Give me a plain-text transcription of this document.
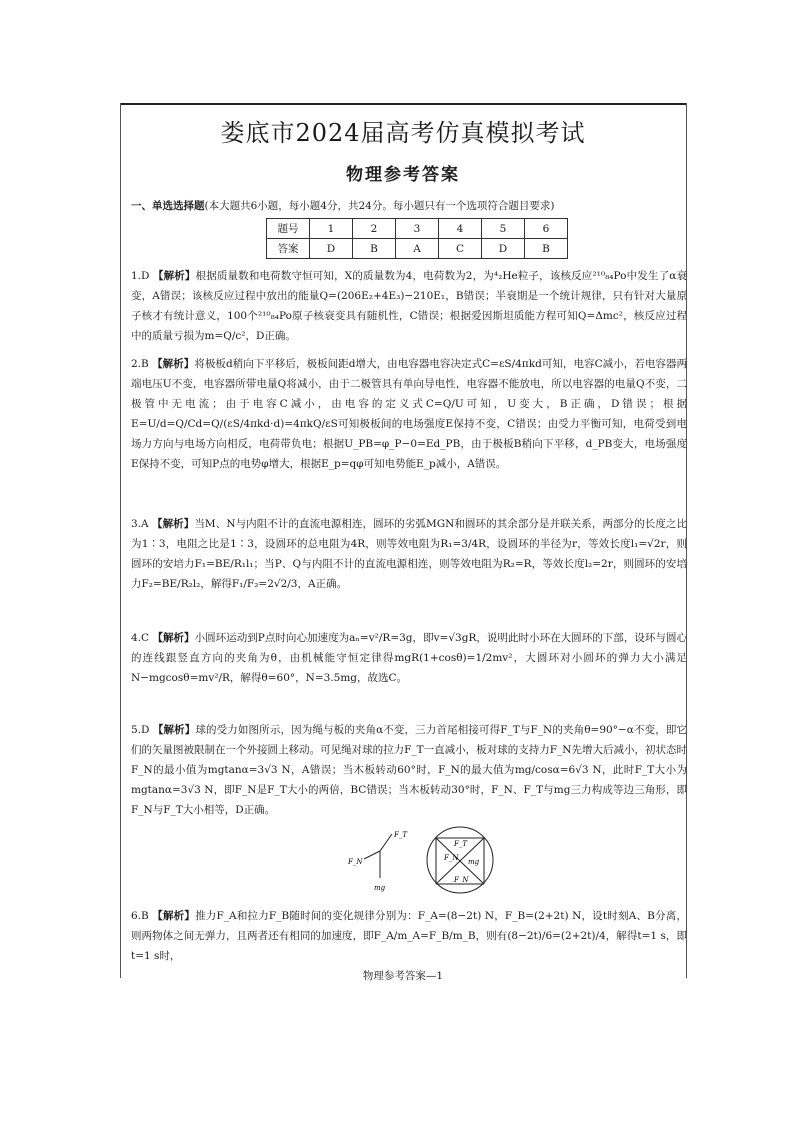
娄底市2024届高考仿真模拟考试
物理参考答案
一、单选选择题(本大题共6小题，每小题4分，共24分。每小题只有一个选项符合题目要求)
题号	1	2	3	4	5	6
答案	D	B	A	C	D	B
1.D 【解析】根据质量数和电荷数守恒可知，X的质量数为4，电荷数为2，为⁴₂He粒子，该核反应²¹⁰₈₄Po中发生了α衰变，A错误；该核反应过程中放出的能量Q=(206E₂+4E₃)−210E₁，B错误；半衰期是一个统计规律，只有针对大量原子核才有统计意义，100个²¹⁰₈₄Po原子核衰变具有随机性，C错误；根据爱因斯坦质能方程可知Q=Δmc²，核反应过程中的质量亏损为m=Q/c²，D正确。
2.B 【解析】将极板d稍向下平移后，极板间距d增大，由电容器电容决定式C=εS/4πkd可知，电容C减小，若电容器两端电压U不变，电容器所带电量Q将减小，由于二极管具有单向导电性，电容器不能放电，所以电容器的电量Q不变，二极管中无电流；由于电容C减小，由电容的定义式C=Q/U可知，U变大，B正确，D错误；根据E=U/d=Q/Cd=Q/(εS/4πkd·d)=4πkQ/εS可知极板间的电场强度E保持不变，C错误；由受力平衡可知，电荷受到电场力方向与电场方向相反，电荷带负电；根据U_PB=φ_P−0=Ed_PB，由于极板B稍向下平移，d_PB变大，电场强度E保持不变，可知P点的电势φ增大，根据E_p=qφ可知电势能E_p减小，A错误。
3.A 【解析】当M、N与内阻不计的直流电源相连，圆环的劣弧MGN和圆环的其余部分是并联关系，两部分的长度之比为1∶3，电阻之比是1∶3，设圆环的总电阻为4R，则等效电阻为R₁=3/4R，设圆环的半径为r，等效长度l₁=√2r，则圆环的安培力F₁=BE/R₁l₁；当P、Q与内阻不计的直流电源相连，则等效电阻为R₂=R，等效长度l₂=2r，则圆环的安培力F₂=BE/R₂l₂，解得F₁/F₂=2√2/3，A正确。
4.C 【解析】小圆环运动到P点时向心加速度为aₙ=v²/R=3g，即v=√3gR，说明此时小环在大圆环的下部，设环与圆心的连线跟竖直方向的夹角为θ，由机械能守恒定律得mgR(1+cosθ)=1/2mv²，大圆环对小圆环的弹力大小满足N−mgcosθ=mv²/R，解得θ=60°，N=3.5mg，故选C。
5.D 【解析】球的受力如图所示，因为绳与板的夹角α不变，三力首尾相接可得F_T与F_N的夹角θ=90°−α不变，即它们的矢量图被限制在一个外接圆上移动。可见绳对球的拉力F_T一直减小，板对球的支持力F_N先增大后减小，初状态时F_N的最小值为mgtanα=3√3 N，A错误；当木板转动60°时，F_N的最大值为mg/cosα=6√3 N，此时F_T大小为mgtanα=3√3 N，即F_N是F_T大小的两倍，BC错误；当木板转动30°时，F_N、F_T与mg三力构成等边三角形，即F_N与F_T大小相等，D正确。
F_T
F_N
mg
F_T
F_N mg
F_N
6.B 【解析】推力F_A和拉力F_B随时间的变化规律分别为：F_A=(8−2t) N，F_B=(2+2t) N，设t时刻A、B分离，则两物体之间无弹力，且两者还有相同的加速度，即F_A/m_A=F_B/m_B，则有(8−2t)/6=(2+2t)/4，解得t=1 s，即t=1 s时，
物理参考答案—1
